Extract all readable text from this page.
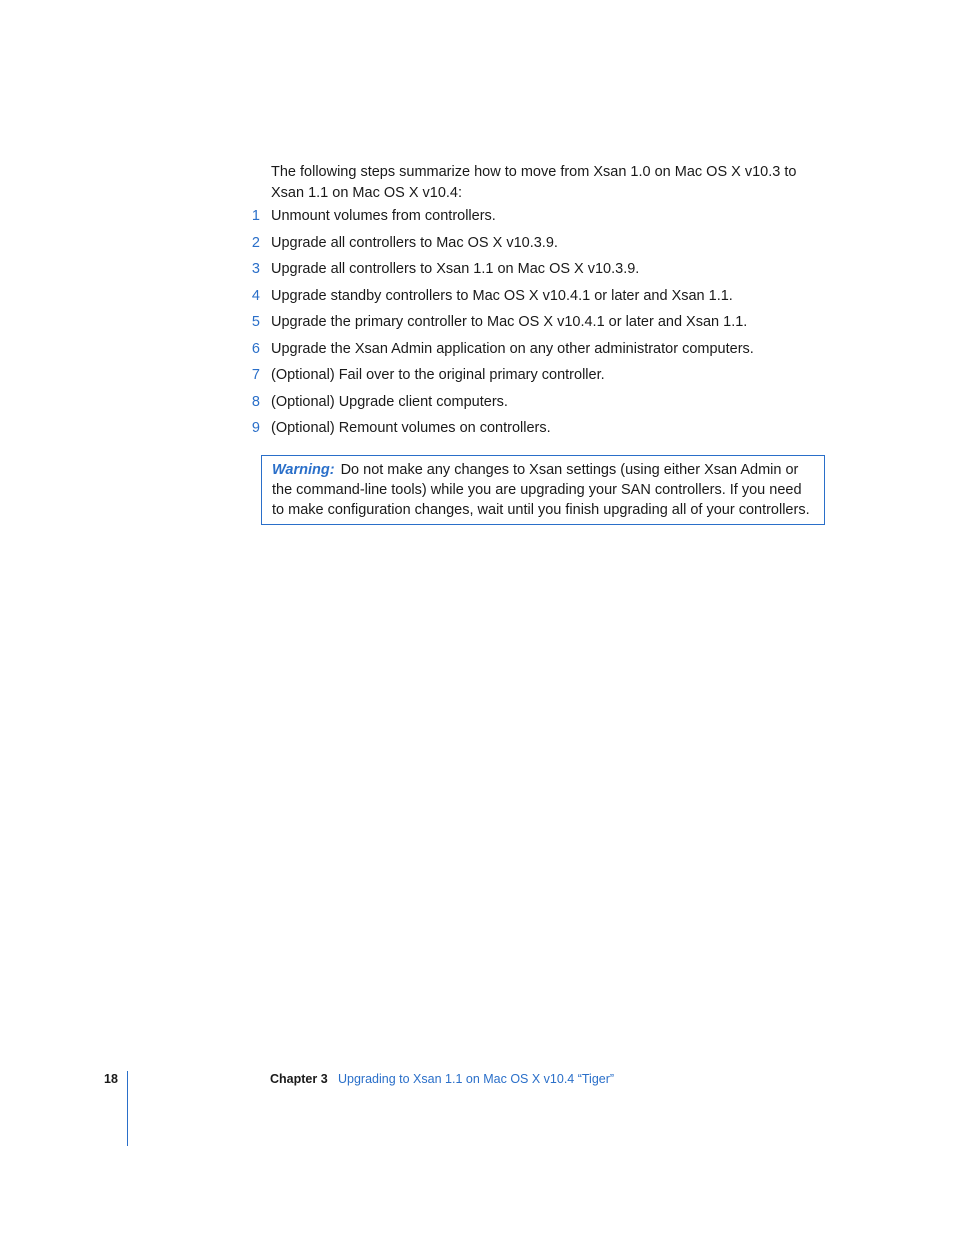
The following steps summarize how to move from Xsan 1.0 on Mac OS X v10.3 to Xsan 1.1 on Mac OS X v10.4:

1 Unmount volumes from controllers.
2 Upgrade all controllers to Mac OS X v10.3.9.
3 Upgrade all controllers to Xsan 1.1 on Mac OS X v10.3.9.
4 Upgrade standby controllers to Mac OS X v10.4.1 or later and Xsan 1.1.
5 Upgrade the primary controller to Mac OS X v10.4.1 or later and Xsan 1.1.
6 Upgrade the Xsan Admin application on any other administrator computers.
7 (Optional) Fail over to the original primary controller.
8 (Optional) Upgrade client computers.
9 (Optional) Remount volumes on controllers.
Warning: Do not make any changes to Xsan settings (using either Xsan Admin or the command-line tools) while you are upgrading your SAN controllers. If you need to make configuration changes, wait until you finish upgrading all of your controllers.
18	Chapter 3 Upgrading to Xsan 1.1 on Mac OS X v10.4 “Tiger”
